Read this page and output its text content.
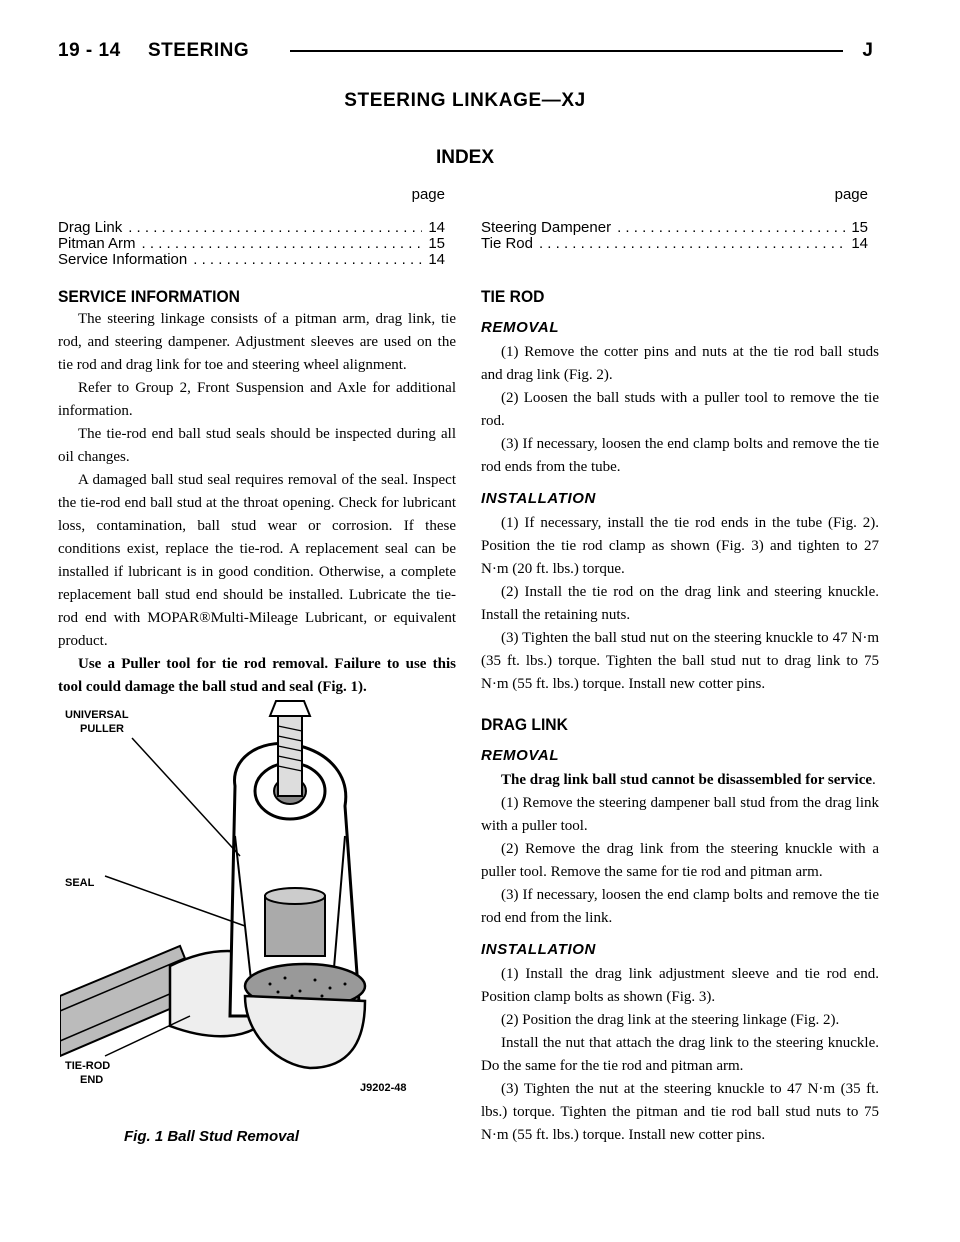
19 - 14 STEERING	J
STEERING LINKAGE—XJ
INDEX
page
Drag Link . . .	14
Pitman Arm . . .	15
Service Information . . .	14
page
Steering Dampener . . .	15
Tie Rod . . .	14
SERVICE INFORMATION

The steering linkage consists of a pitman arm, drag link, tie rod, and steering dampener. Adjustment sleeves are used on the tie rod and drag link for toe and steering wheel alignment.

Refer to Group 2, Front Suspension and Axle for additional information.

The tie-rod end ball stud seals should be inspected during all oil changes.

A damaged ball stud seal requires removal of the seal. Inspect the tie-rod end ball stud at the throat opening. Check for lubricant loss, contamination, ball stud wear or corrosion. If these conditions exist, replace the tie-rod. A replacement seal can be installed if lubricant is in good condition. Otherwise, a complete replacement ball stud end should be installed. Lubricate the tie-rod end with MOPAR®Multi-Mileage Lubricant, or equivalent product.

Use a Puller tool for tie rod removal. Failure to use this tool could damage the ball stud and seal (Fig. 1).

UNIVERSAL
PULLER
SEAL
TIE-ROD
END
J9202-48
Fig. 1 Ball Stud Removal
TIE ROD
REMOVAL

(1) Remove the cotter pins and nuts at the tie rod ball studs and drag link (Fig. 2).

(2) Loosen the ball studs with a puller tool to remove the tie rod.

(3) If necessary, loosen the end clamp bolts and remove the tie rod ends from the tube.

INSTALLATION

(1) If necessary, install the tie rod ends in the tube (Fig. 2). Position the tie rod clamp as shown (Fig. 3) and tighten to 27 N·m (20 ft. lbs.) torque.

(2) Install the tie rod on the drag link and steering knuckle. Install the retaining nuts.

(3) Tighten the ball stud nut on the steering knuckle to 47 N·m (35 ft. lbs.) torque. Tighten the ball stud nut to drag link to 75 N·m (55 ft. lbs.) torque. Install new cotter pins.

DRAG LINK
REMOVAL

The drag link ball stud cannot be disassembled for service.

(1) Remove the steering dampener ball stud from the drag link with a puller tool.

(2) Remove the drag link from the steering knuckle with a puller tool. Remove the same for tie rod and pitman arm.

(3) If necessary, loosen the end clamp bolts and remove the tie rod end from the link.

INSTALLATION

(1) Install the drag link adjustment sleeve and tie rod end. Position clamp bolts as shown (Fig. 3).

(2) Position the drag link at the steering linkage (Fig. 2).

Install the nut that attach the drag link to the steering knuckle. Do the same for the tie rod and pitman arm.

(3) Tighten the nut at the steering knuckle to 47 N·m (35 ft. lbs.) torque. Tighten the pitman and tie rod ball stud nuts to 75 N·m (55 ft. lbs.) torque. Install new cotter pins.
